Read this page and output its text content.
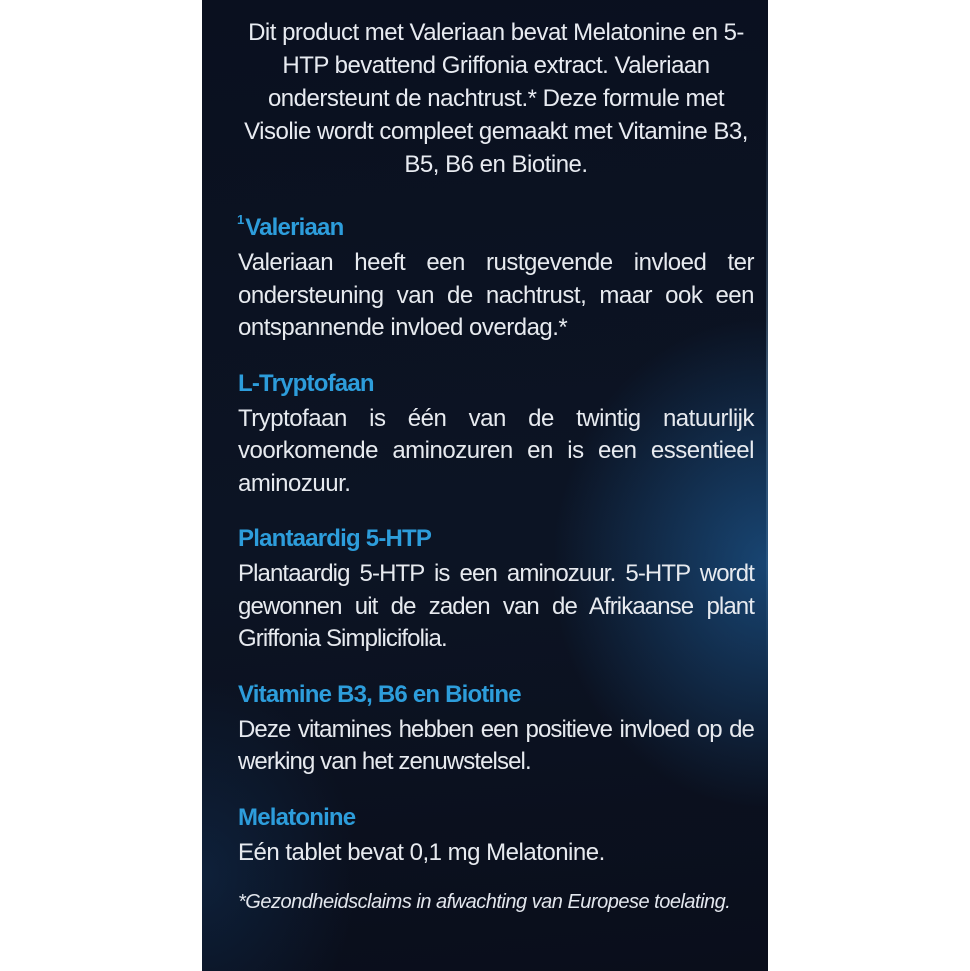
Dit product met Valeriaan bevat Melatonine en 5-HTP bevattend Griffonia extract. Valeriaan ondersteunt de nachtrust.* Deze formule met Visolie wordt compleet gemaakt met Vitamine B3, B5, B6 en Biotine.

$^1$Valeriaan

Valeriaan heeft een rustgevende invloed ter ondersteuning van de nachtrust, maar ook een ontspannende invloed overdag.*

L-Tryptofaan

Tryptofaan is één van de twintig natuurlijk voorkomende aminozuren en is een essentieel aminozuur.

Plantaardig 5-HTP

Plantaardig 5-HTP is een aminozuur. 5-HTP wordt gewonnen uit de zaden van de Afrikaanse plant Griffonia Simplicifolia.

Vitamine B3, B6 en Biotine

Deze vitamines hebben een positieve invloed op de werking van het zenuwstelsel.

Melatonine

Eén tablet bevat 0,1 mg Melatonine.

*Gezondheidsclaims in afwachting van Europese toelating.
